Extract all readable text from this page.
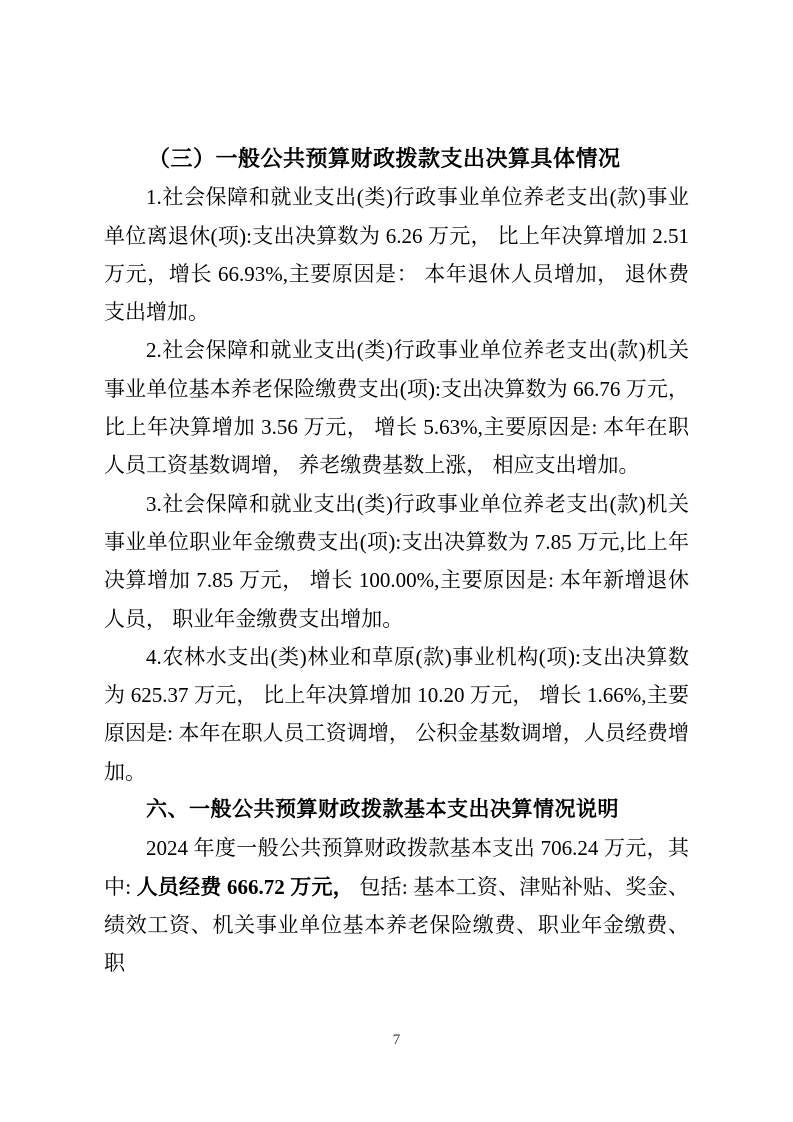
（三）一般公共预算财政拨款支出决算具体情况

1.社会保障和就业支出(类)行政事业单位养老支出(款)事业单位离退休(项):支出决算数为 6.26 万元， 比上年决算增加 2.51 万元，增长 66.93%,主要原因是： 本年退休人员增加， 退休费支出增加。

2.社会保障和就业支出(类)行政事业单位养老支出(款)机关事业单位基本养老保险缴费支出(项):支出决算数为 66.76 万元， 比上年决算增加 3.56 万元， 增长 5.63%,主要原因是: 本年在职人员工资基数调增， 养老缴费基数上涨， 相应支出增加。

3.社会保障和就业支出(类)行政事业单位养老支出(款)机关事业单位职业年金缴费支出(项):支出决算数为 7.85 万元,比上年决算增加 7.85 万元， 增长 100.00%,主要原因是: 本年新增退休人员， 职业年金缴费支出增加。

4.农林水支出(类)林业和草原(款)事业机构(项):支出决算数为 625.37 万元， 比上年决算增加 10.20 万元， 增长 1.66%,主要原因是: 本年在职人员工资调增， 公积金基数调增，人员经费增加。

六、一般公共预算财政拨款基本支出决算情况说明

2024 年度一般公共预算财政拨款基本支出 706.24 万元，其中: 人员经费 666.72 万元， 包括: 基本工资、津贴补贴、奖金、绩效工资、机关事业单位基本养老保险缴费、职业年金缴费、职

7
